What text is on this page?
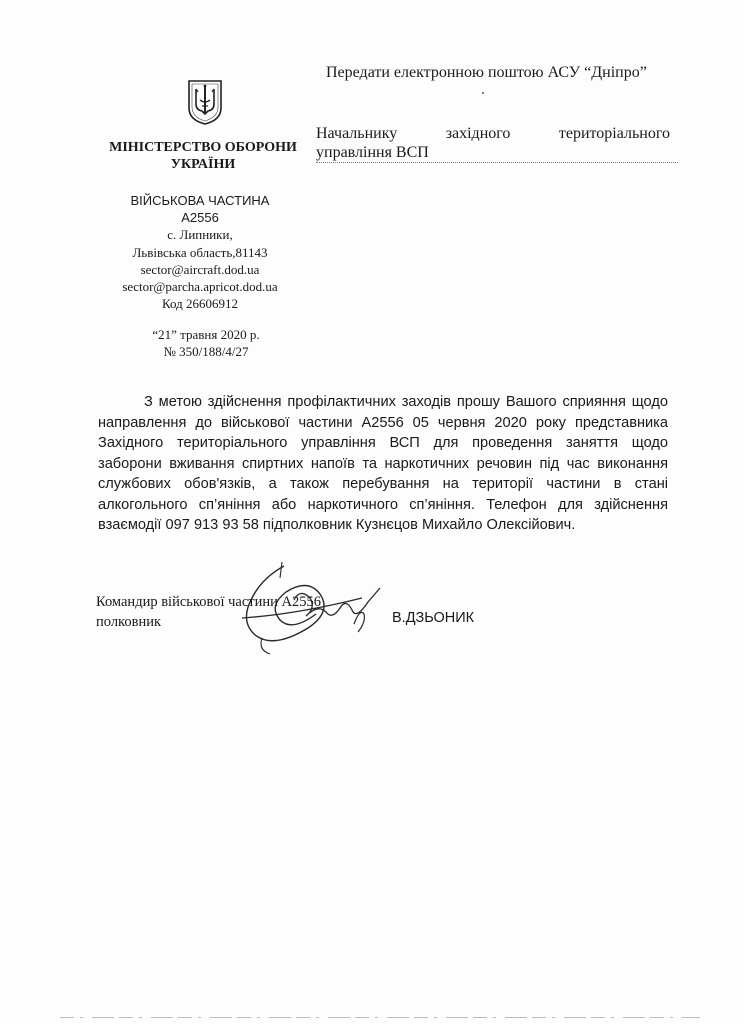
Передати електронною поштою АСУ “Дніпро”
МІНІСТЕРСТВО ОБОРОНИ
УКРАЇНИ
Начальнику	західного	територіального
управління ВСП
ВІЙСЬКОВА ЧАСТИНА
А2556
с. Липники,
Львівська область,81143
sector@aircraft.dod.ua
sector@parcha.apricot.dod.ua
Код 26606912
“21” травня 2020 р.
№ 350/188/4/27
З метою здійснення профілактичних заходів прошу Вашого сприяння щодо направлення до військової частини А2556 05 червня 2020 року представника Західного територіального управління ВСП для проведення заняття щодо заборони вживання спиртних напоїв та наркотичних речовин під час виконання службових обов'язків, а також перебування на території частини в стані алкогольного сп’яніння або наркотичного сп’яніння. Телефон для здійснення взаємодії 097 913 93 58 підполковник Кузнєцов Михайло Олексійович.
Командир військової частини А2556
полковник	В.ДЗЬОНИК
